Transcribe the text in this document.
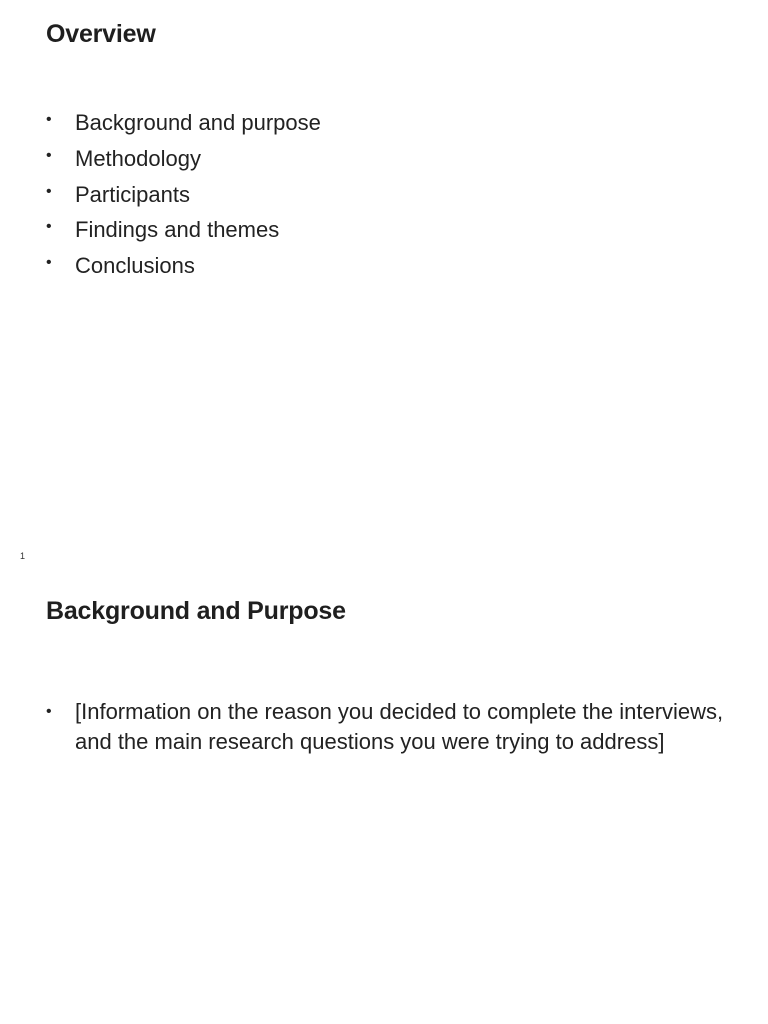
Overview
• Background and purpose
• Methodology
• Participants
• Findings and themes
• Conclusions
1
Background and Purpose
• [Information on the reason you decided to complete the interviews, and the main research questions you were trying to address]
